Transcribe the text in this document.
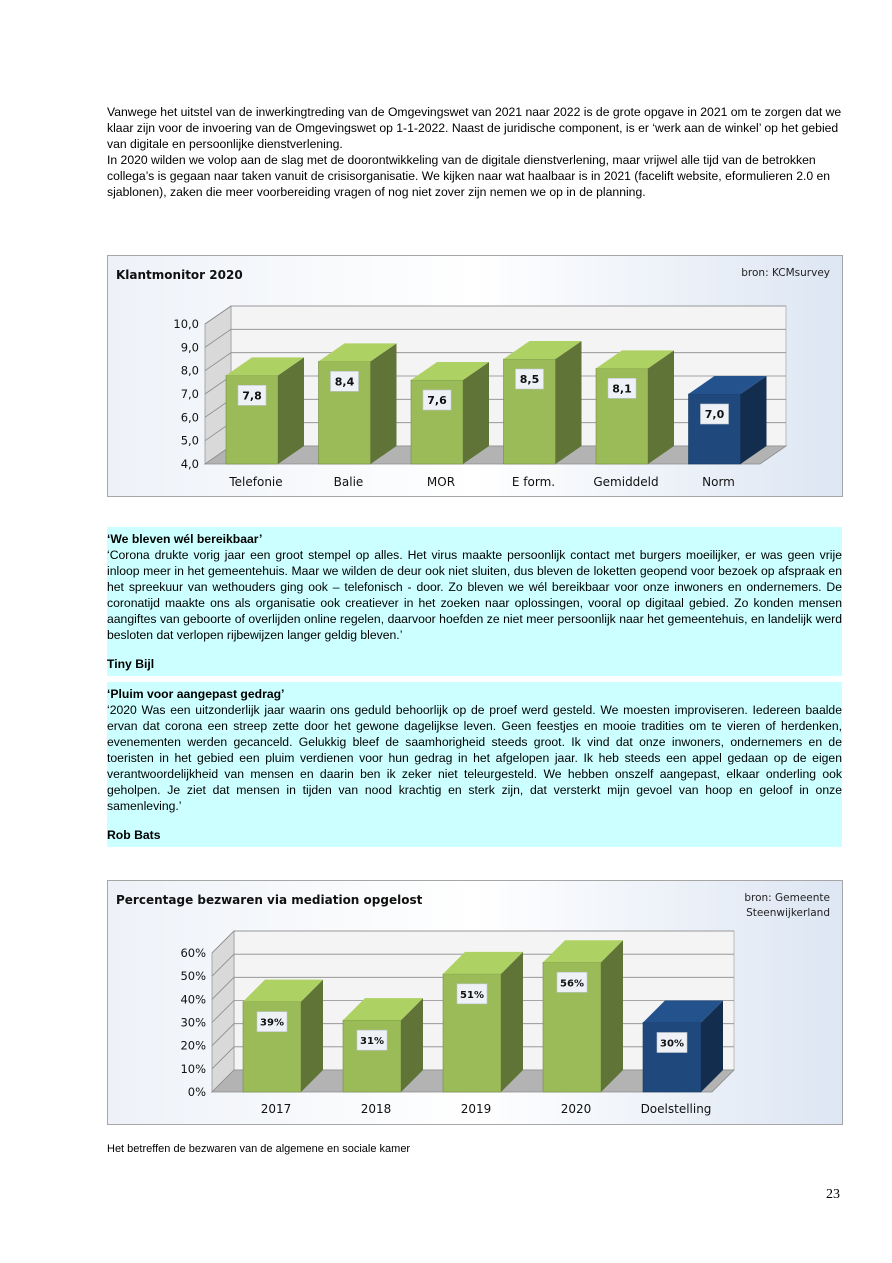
Vanwege het uitstel van de inwerkingtreding van de Omgevingswet van 2021 naar 2022 is de grote opgave in 2021 om te zorgen dat we klaar zijn voor de invoering van de Omgevingswet op 1-1-2022. Naast de juridische component, is er ‘werk aan de winkel’ op het gebied van digitale en persoonlijke dienstverlening.

In 2020 wilden we volop aan de slag met de doorontwikkeling van de digitale dienstverlening, maar vrijwel alle tijd van de betrokken collega’s is gegaan naar taken vanuit de crisisorganisatie. We kijken naar wat haalbaar is in 2021 (facelift website, eformulieren 2.0 en sjablonen), zaken die meer voorbereiding vragen of nog niet zover zijn nemen we op in de planning.

4,0
5,0
6,0
7,0
8,0
9,0
10,0
7,8
Telefonie
8,4
Balie
7,6
MOR
8,5
E form.
8,1
Gemiddeld
7,0
Norm
Klantmonitor 2020	bron: KCMsurvey
‘We bleven wél bereikbaar’

‘Corona drukte vorig jaar een groot stempel op alles. Het virus maakte persoonlijk contact met burgers moeilijker, er was geen vrije inloop meer in het gemeentehuis. Maar we wilden de deur ook niet sluiten, dus bleven de loketten geopend voor bezoek op afspraak en het spreekuur van wethouders ging ook – telefonisch - door. Zo bleven we wél bereikbaar voor onze inwoners en ondernemers. De coronatijd maakte ons als organisatie ook creatiever in het zoeken naar oplossingen, vooral op digitaal gebied. Zo konden mensen aangiftes van geboorte of overlijden online regelen, daarvoor hoefden ze niet meer persoonlijk naar het gemeentehuis, en landelijk werd besloten dat verlopen rijbewijzen langer geldig bleven.’

Tiny Bijl
‘Pluim voor aangepast gedrag’

‘2020 Was een uitzonderlijk jaar waarin ons geduld behoorlijk op de proef werd gesteld. We moesten improviseren. Iedereen baalde ervan dat corona een streep zette door het gewone dagelijkse leven. Geen feestjes en mooie tradities om te vieren of herdenken, evenementen werden gecanceld. Gelukkig bleef de saamhorigheid steeds groot. Ik vind dat onze inwoners, ondernemers en de toeristen in het gebied een pluim verdienen voor hun gedrag in het afgelopen jaar. Ik heb steeds een appel gedaan op de eigen verantwoordelijkheid van mensen en daarin ben ik zeker niet teleurgesteld. We hebben onszelf aangepast, elkaar onderling ook geholpen. Je ziet dat mensen in tijden van nood krachtig en sterk zijn, dat versterkt mijn gevoel van hoop en geloof in onze samenleving.’

Rob Bats
0%
10%
20%
30%
40%
50%
60%
39%
2017
31%
2018
51%
2019
56%
2020
30%
Doelstelling
Percentage bezwaren via mediation opgelost	bron: Gemeente
Steenwijkerland
Het betreffen de bezwaren van de algemene en sociale kamer
23
